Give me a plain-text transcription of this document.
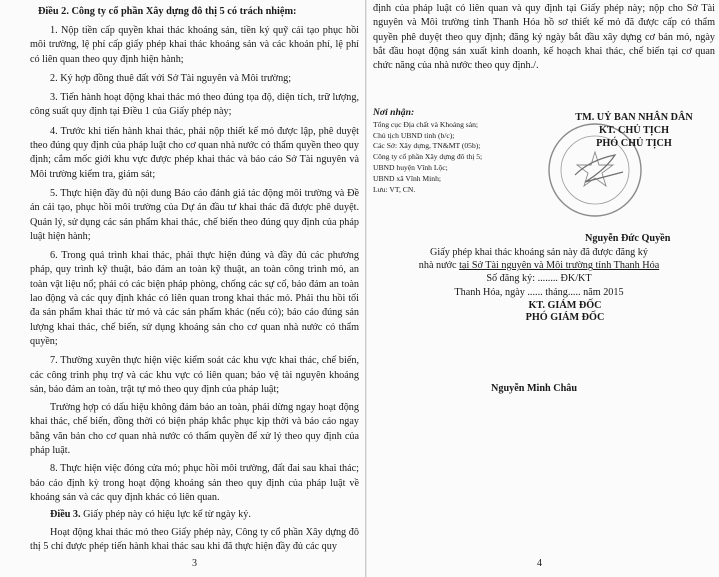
Điều 2. Công ty cổ phần Xây dựng đô thị 5 có trách nhiệm:

1. Nộp tiền cấp quyền khai thác khoáng sản, tiền ký quỹ cải tạo phục hồi môi trường, lệ phí cấp giấy phép khai thác khoáng sản và các khoản phí, lệ phí có liên quan theo quy định hiện hành;

2. Ký hợp đồng thuê đất với Sở Tài nguyên và Môi trường;

3. Tiến hành hoạt động khai thác mỏ theo đúng tọa độ, diện tích, trữ lượng, công suất quy định tại Điều 1 của Giấy phép này;

4. Trước khi tiến hành khai thác, phải nộp thiết kế mỏ được lập, phê duyệt theo đúng quy định của pháp luật cho cơ quan nhà nước có thẩm quyền theo quy định; cắm mốc giới khu vực được phép khai thác và báo cáo Sở Tài nguyên và Môi trường kiểm tra, giám sát;

5. Thực hiện đầy đủ nội dung Báo cáo đánh giá tác động môi trường và Đề án cải tạo, phục hồi môi trường của Dự án đầu tư khai thác đã được phê duyệt. Quản lý, sử dụng các sản phẩm khai thác, chế biến theo đúng quy định của pháp luật hiện hành;

6. Trong quá trình khai thác, phải thực hiện đúng và đầy đủ các phương pháp, quy trình kỹ thuật, bảo đảm an toàn kỹ thuật, an toàn công trình mỏ, an toàn vật liệu nổ; phải có các biện pháp phòng, chống các sự cố, bảo đảm an toàn lao động và các quy định khác có liên quan trong khai thác mỏ. Phải thu hồi tối đa sản phẩm khai thác từ mỏ và các sản phẩm khác (nếu có); báo cáo đúng sản lượng khai thác, chế biến, sử dụng khoáng sản cho cơ quan nhà nước có thẩm quyền;

7. Thường xuyên thực hiện việc kiểm soát các khu vực khai thác, chế biến, các công trình phụ trợ và các khu vực có liên quan; bảo vệ tài nguyên khoáng sản, bảo đảm an toàn, trật tự mỏ theo quy định của pháp luật;

Trường hợp có dấu hiệu không đảm bảo an toàn, phải dừng ngay hoạt động khai thác, chế biến, đồng thời có biện pháp khắc phục kịp thời và báo cáo ngay bằng văn bản cho cơ quan nhà nước có thẩm quyền để xử lý theo quy định của pháp luật.

8. Thực hiện việc đóng cửa mỏ; phục hồi môi trường, đất đai sau khai thác; báo cáo định kỳ trong hoạt động khoáng sản theo quy định của pháp luật về khoáng sản và các quy định khác có liên quan.

Điều 3. Giấy phép này có hiệu lực kể từ ngày ký.

Hoạt động khai thác mỏ theo Giấy phép này, Công ty cổ phần Xây dựng đô thị 5 chỉ được phép tiến hành khai thác sau khi đã thực hiện đầy đủ các quy

3

định của pháp luật có liên quan và quy định tại Giấy phép này; nộp cho Sở Tài nguyên và Môi trường tỉnh Thanh Hóa hồ sơ thiết kế mỏ đã được cấp có thẩm quyền phê duyệt theo quy định; đăng ký ngày bắt đầu xây dựng cơ bản mỏ, ngày bắt đầu hoạt động sản xuất kinh doanh, kế hoạch khai thác, chế biến tại cơ quan chức năng của nhà nước theo quy định./.

Nơi nhận:
Tổng cục Địa chất và Khoáng sản;
Chủ tịch UBND tỉnh (b/c);
Các Sở: Xây dựng, TN&MT (05b);
Công ty cổ phần Xây dựng đô thị 5;
UBND huyện Vĩnh Lộc;
UBND xã Vĩnh Minh;
Lưu: VT, CN.
TM. UỶ BAN NHÂN DÂN
KT. CHỦ TỊCH
PHÓ CHỦ TỊCH
Nguyễn Đức Quyền
Giấy phép khai thác khoáng sản này đã được đăng ký
nhà nước tại Sở Tài nguyên và Môi trường tỉnh Thanh Hóa
Số đăng ký: ........ ĐK/KT
Thanh Hóa, ngày ...... tháng..... năm 2015
KT. GIÁM ĐỐC
PHÓ GIÁM ĐỐC
Nguyễn Minh Châu
4
